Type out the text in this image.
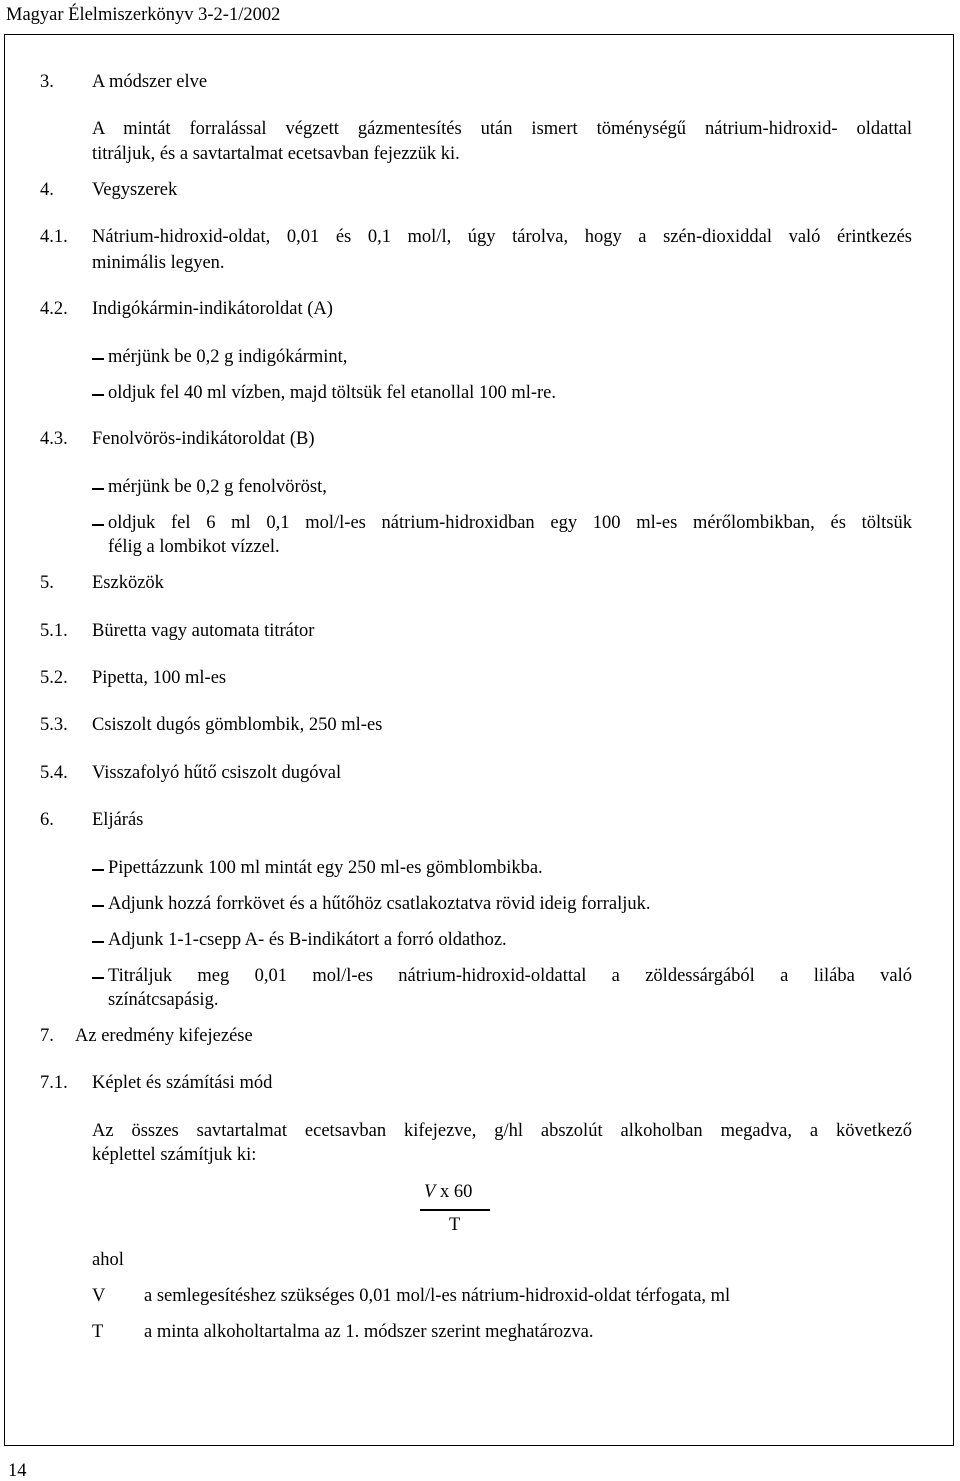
Magyar Élelmiszerkönyv 3-2-1/2002
3. A módszer elve
A mintát forralással végzett gázmentesítés után ismert töménységű nátrium-hidroxid- oldattal
titráljuk, és a savtartalmat ecetsavban fejezzük ki.
4. Vegyszerek
4.1. Nátrium-hidroxid-oldat, 0,01 és 0,1 mol/l, úgy tárolva, hogy a szén-dioxiddal való érintkezés
minimális legyen.
4.2. Indigókármin-indikátoroldat (A)
mérjünk be 0,2 g indigókármint,
oldjuk fel 40 ml vízben, majd töltsük fel etanollal 100 ml-re.
4.3. Fenolvörös-indikátoroldat (B)
mérjünk be 0,2 g fenolvöröst,
oldjuk fel 6 ml 0,1 mol/l-es nátrium-hidroxidban egy 100 ml-es mérőlombikban, és töltsük
félig a lombikot vízzel.
5. Eszközök
5.1. Büretta vagy automata titrátor
5.2. Pipetta, 100 ml-es
5.3. Csiszolt dugós gömblombik, 250 ml-es
5.4. Visszafolyó hűtő csiszolt dugóval
6. Eljárás
Pipettázzunk 100 ml mintát egy 250 ml-es gömblombikba.
Adjunk hozzá forrkövet és a hűtőhöz csatlakoztatva rövid ideig forraljuk.
Adjunk 1-1-csepp A- és B-indikátort a forró oldathoz.
Titráljuk meg 0,01 mol/l-es nátrium-hidroxid-oldattal a zöldessárgából a lilába való
színátcsapásig.
7. Az eredmény kifejezése
7.1. Képlet és számítási mód
Az összes savtartalmat ecetsavban kifejezve, g/hl abszolút alkoholban megadva, a következő
képlettel számítjuk ki:
V x 60
T
ahol
V a semlegesítéshez szükséges 0,01 mol/l-es nátrium-hidroxid-oldat térfogata, ml
T a minta alkoholtartalma az 1. módszer szerint meghatározva.
14
